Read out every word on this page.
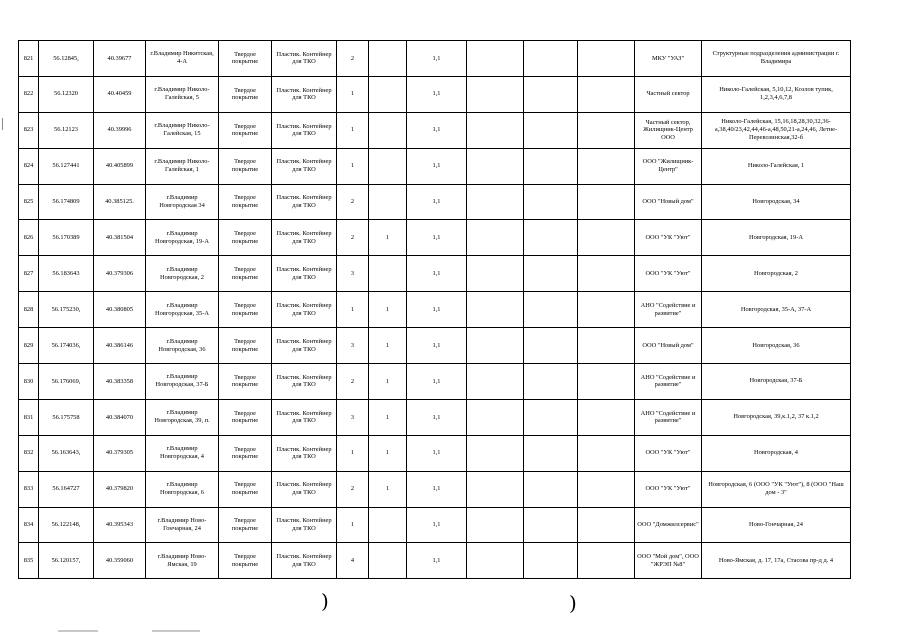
821	56.12845,	40.39677	г.Владимир Никитская, 4-А	Твердое покрытие	Пластик. Контейнер для ТКО	2		1,1				МКУ "УАЗ"	Структурные подразделения администрации г. Владимира
822	56.12320	40.40459	г.Владимир Николо-Галейская, 5	Твердое покрытие	Пластик. Контейнер для ТКО	1		1,1				Частный сектор	Николо-Галейская, 5,10,12, Козлов тупик, 1,2,3,4,6,7,8
823	56.12123	40.39996	г.Владимир Николо-Галейская, 15	Твердое покрытие	Пластик. Контейнер для ТКО	1		1,1				Частный сектор, Жилищник-Центр ООО	Николо-Галейская, 15,16,18,28,30,32,36-а,38,40/23,42,44,46-а,48,50,21-а,24,46, Летне-Перевозинская,32-б
824	56.127441	40.405899	г.Владимир Николо-Галейская, 1	Твердое покрытие	Пластик. Контейнер для ТКО	1		1,1				ООО "Жилищник-Центр"	Николо-Галейская, 1
825	56.174809	40.385125.	г.Владимир Новгородская 34	Твердое покрытие	Пластик. Контейнер для ТКО	2		1,1				ООО "Новый дом"	Новгородская, 34
826	56.170389	40.381504	г.Владимир Новгородская, 19-А	Твердое покрытие	Пластик. Контейнер для ТКО	2	1	1,1				ООО "УК "Уют"	Новгородская, 19-А
827	56.183643	40.379306	г.Владимир Новгородская, 2	Твердое покрытие	Пластик. Контейнер для ТКО	3		1,1				ООО "УК "Уют"	Новгородская, 2
828	56.175230,	40.380805	г.Владимир Новгородская, 35-А	Твердое покрытие	Пластик. Контейнер для ТКО	1	1	1,1				АНО "Содействие и развитие"	Новгородская, 35-А, 37-А
829	56.174036,	40.386146	г.Владимир Новгородская, 36	Твердое покрытие	Пластик. Контейнер для ТКО	3	1	1,1				ООО "Новый дом"	Новгородская, 36
830	56.176069,	40.383358	г.Владимир Новгородская, 37-Б	Твердое покрытие	Пластик. Контейнер для ТКО	2	1	1,1				АНО "Содействие и развитие"	Новгородская, 37-Б
831	56.175758	40.384070	г.Владимир Новгородская, 39, п.	Твердое покрытие	Пластик. Контейнер для ТКО	3	1	1,1				АНО "Содействие и развитие"	Новгородская, 39,к.1,2, 37 к.1,2
832	56.163643,	40.379305	г.Владимир Новгородская, 4	Твердое покрытие	Пластик. Контейнер для ТКО	1	1	1,1				ООО "УК "Уют"	Новгородская, 4
833	56.164727	40.379820	г.Владимир Новгородская, 6	Твердое покрытие	Пластик. Контейнер для ТКО	2	1	1,1				ООО "УК "Уют"	Новгородская, 6 (ООО "УК "Уют"), 8 (ООО "Наш дом - 3"
834	56.122148,	40.395343	г.Владимир Ново-Гончарная, 24	Твердое покрытие	Пластик. Контейнер для ТКО	1		1,1				ООО "Домжилсервис"	Ново-Гончарная, 24
835	56.120157,	40.359060	г.Владимир Ново-Ямская, 19	Твердое покрытие	Пластик. Контейнер для ТКО	4		1,1				ООО "Мой дом", ООО "ЖРЭП №8"	Ново-Ямская, д. 17, 17а, Стасова пр-д д. 4
)	)
